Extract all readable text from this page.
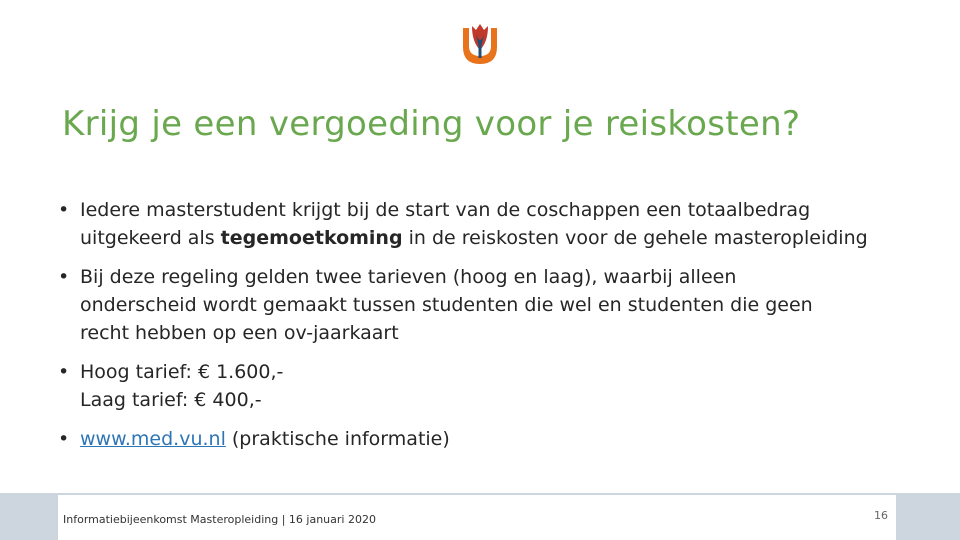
Krijg je een vergoeding voor je reiskosten?
• Iedere masterstudent krijgt bij de start van de coschappen een totaalbedrag
uitgekeerd als tegemoetkoming in de reiskosten voor de gehele masteropleiding
• Bij deze regeling gelden twee tarieven (hoog en laag), waarbij alleen
onderscheid wordt gemaakt tussen studenten die wel en studenten die geen
recht hebben op een ov-jaarkaart
• Hoog tarief: € 1.600,-
Laag tarief: € 400,-
• www.med.vu.nl (praktische informatie)
Informatiebijeenkomst Masteropleiding | 16 januari 2020	16
